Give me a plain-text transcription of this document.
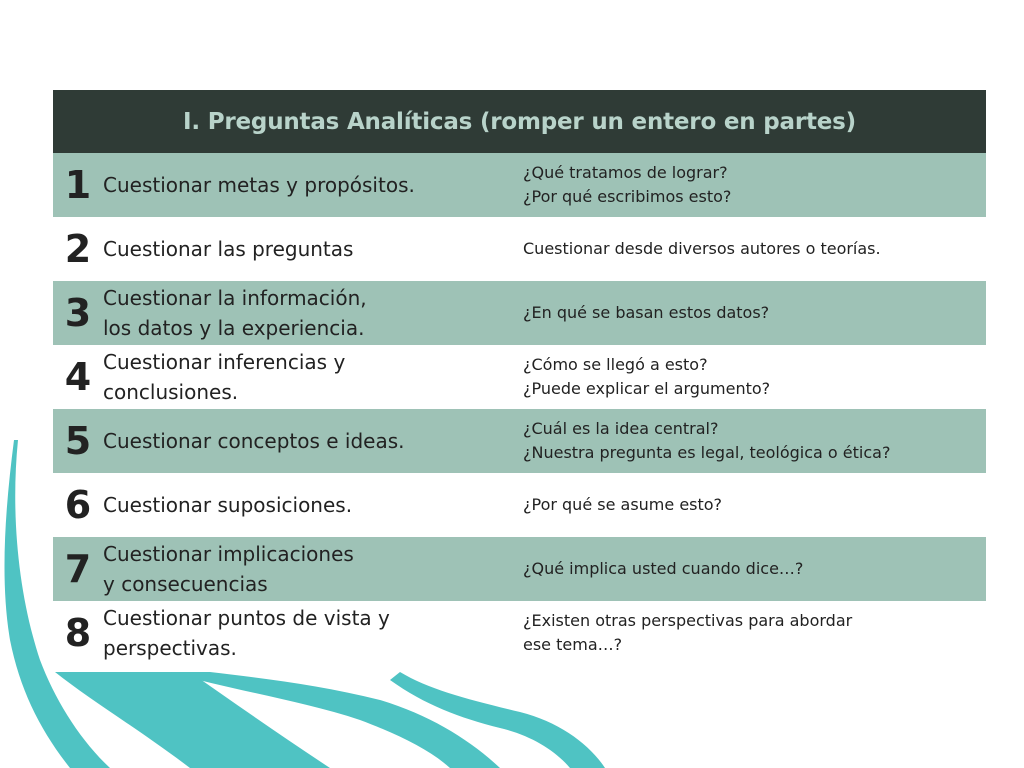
I. Preguntas Analíticas (romper un entero en partes)
1 Cuestionar metas y propósitos.
¿Qué tratamos de lograr?
¿Por qué escribimos esto?
2 Cuestionar las preguntas	Cuestionar desde diversos autores o teorías.
3 Cuestionar la información,
los datos y la experiencia.
¿En qué se basan estos datos?
4 Cuestionar inferencias y
conclusiones.
¿Cómo se llegó a esto?
¿Puede explicar el argumento?
5 Cuestionar conceptos e ideas.
¿Cuál es la idea central?
¿Nuestra pregunta es legal, teológica o ética?
6 Cuestionar suposiciones.	¿Por qué se asume esto?
7 Cuestionar implicaciones
y consecuencias
¿Qué implica usted cuando dice…?
8 Cuestionar puntos de vista y
perspectivas.
¿Existen otras perspectivas para abordar
ese tema…?
